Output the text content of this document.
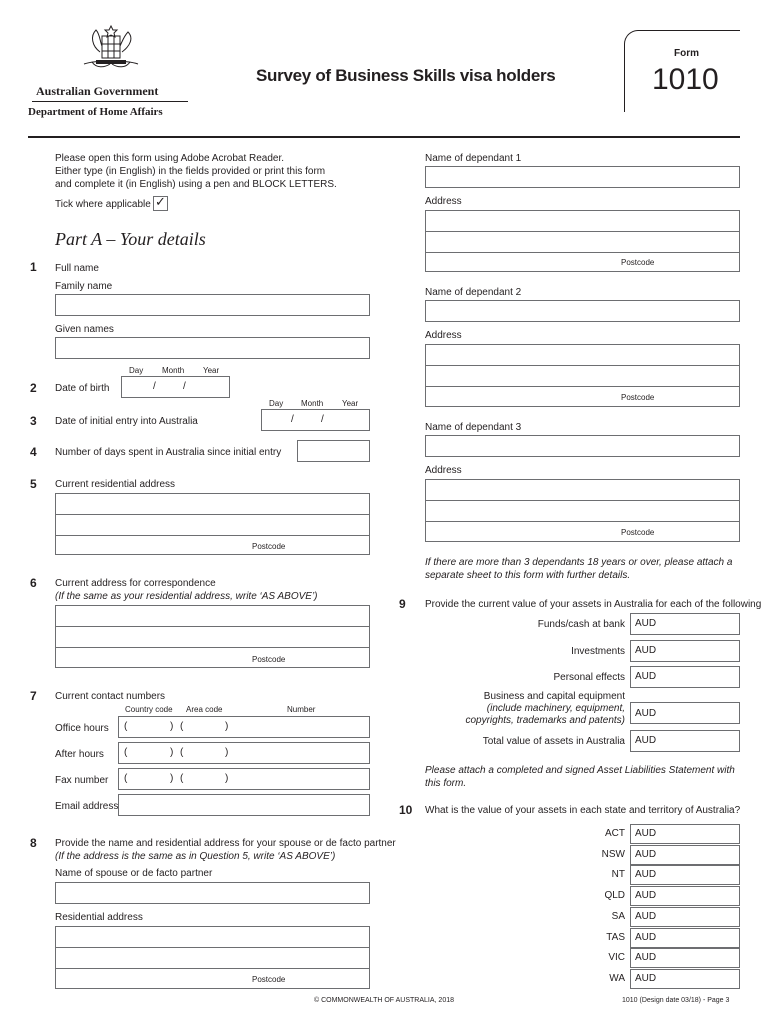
Australian Government
Department of Home Affairs
Survey of Business Skills visa holders
Form
1010
Please open this form using Adobe Acrobat Reader.
Either type (in English) in the fields provided or print this form
and complete it (in English) using a pen and BLOCK LETTERS.
Tick where applicable ✓
Part A – Your details
1 Full name
Family name
Given names
Day Month Year
2 Date of birth	/	/
Day Month Year
3 Date of initial entry into Australia	/	/
4 Number of days spent in Australia since initial entry
5 Current residential address
Postcode
6 Current address for correspondence
(If the same as your residential address, write ‘AS ABOVE’)
Postcode
7 Current contact numbers
Country code Area code	Number
Office hours (	) (	)
After hours (	) (	)
Fax number (	) (	)
Email address
8 Provide the name and residential address for your spouse or de facto partner
(If the address is the same as in Question 5, write ‘AS ABOVE’)
Name of spouse or de facto partner
Residential address
Postcode
Name of dependant 1
Address
Postcode
Name of dependant 2
Address
Postcode
Name of dependant 3
Address
Postcode
If there are more than 3 dependants 18 years or over, please attach a
separate sheet to this form with further details.
9 Provide the current value of your assets in Australia for each of the following
Funds/cash at bank AUD
Investments AUD
Personal effects AUD
Business and capital equipment
(include machinery, equipment,
copyrights, trademarks and patents)
AUD
Total value of assets in Australia AUD
Please attach a completed and signed Asset Liabilities Statement with
this form.
10 What is the value of your assets in each state and territory of Australia?
ACT AUD
NSW AUD
NT AUD
QLD AUD
SA AUD
TAS AUD
VIC AUD
WA AUD
© COMMONWEALTH OF AUSTRALIA, 2018	1010 (Design date 03/18) - Page 3
